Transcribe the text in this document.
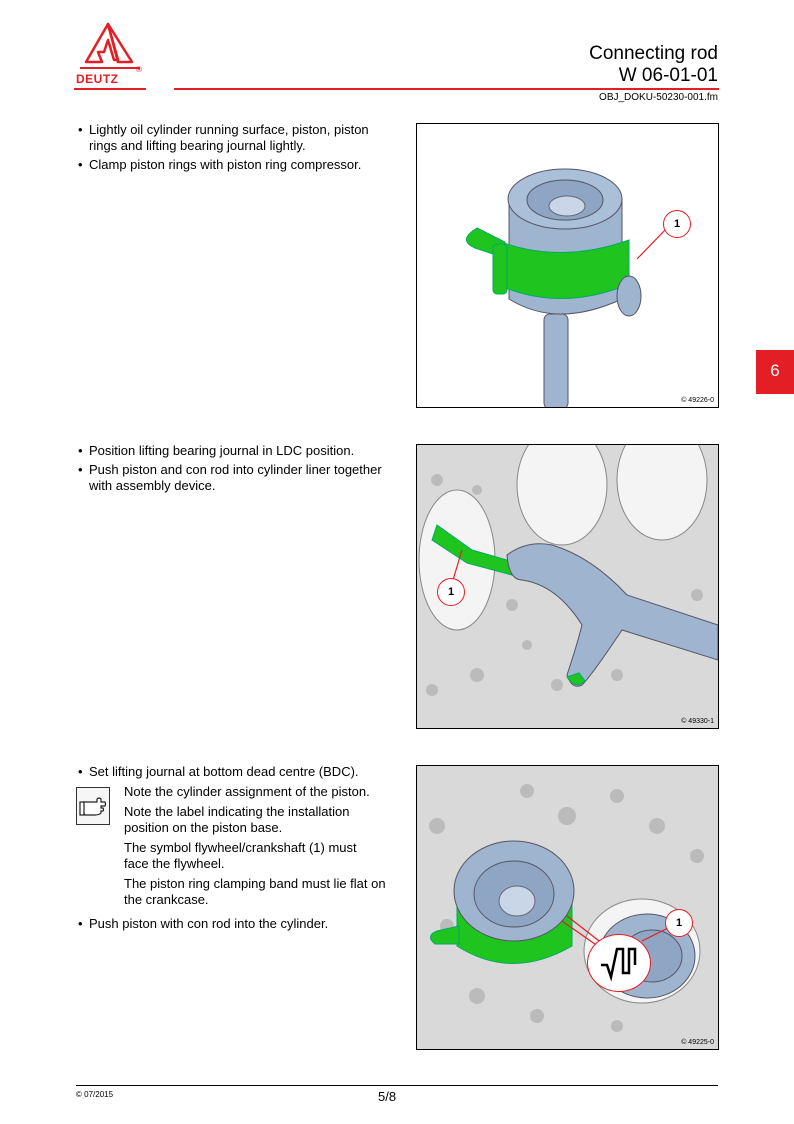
DEUTZ
®
Connecting rod
W 06-01-01
OBJ_DOKU-50230-001.fm
6
• Lightly oil cylinder running surface, piston, piston rings and lifting bearing journal lightly.
• Clamp piston rings with piston ring compressor.
1
© 49226-0
• Position lifting bearing journal in LDC position.
• Push piston and con rod into cylinder liner together with assembly device.
1
© 49330-1
• Set lifting journal at bottom dead centre (BDC).
Note the cylinder assignment of the piston.
Note the label indicating the installation position on the piston base.
The symbol flywheel/crankshaft (1) must face the flywheel.
The piston ring clamping band must lie flat on the crankcase.
• Push piston with con rod into the cylinder.	1
© 49225-0
© 07/2015	5/8
